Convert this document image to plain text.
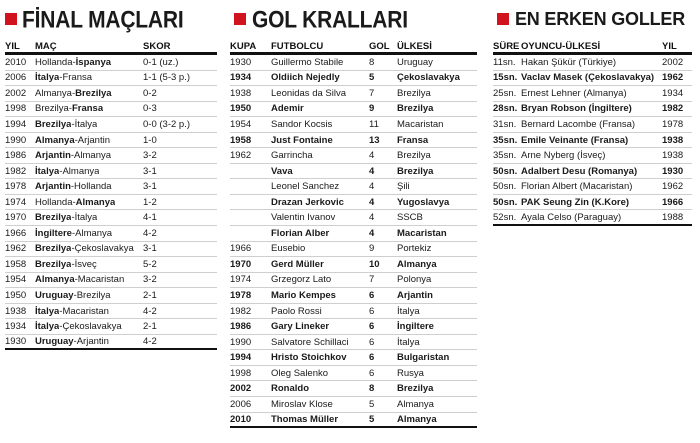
FİNAL MAÇLARI
YIL	MAÇ	SKOR
2010 Hollanda- İspanya	0-1 (uz.)
2006 İtalya -Fransa	1-1 (5-3 p.)
2002 Almanya- Brezilya	0-2
1998 Brezilya- Fransa	0-3
1994 Brezilya -İtalya	0-0 (3-2 p.)
1990 Almanya -Arjantin	1-0
1986 Arjantin -Almanya	3-2
1982 İtalya -Almanya	3-1
1978 Arjantin -Hollanda	3-1
1974 Hollanda- Almanya	1-2
1970 Brezilya -İtalya	4-1
1966 İngiltere -Almanya	4-2
1962 Brezilya -Çekoslavakya 3-1
1958 Brezilya -İsveç	5-2
1954 Almanya -Macaristan 3-2
1950 Uruguay -Brezilya	2-1
1938 İtalya -Macaristan	4-2
1934 İtalya -Çekoslavakya 2-1
1930 Uruguay -Arjantin	4-2
GOL KRALLARI
KUPA	FUTBOLCU	GOL ÜLKESİ
1930	Guillermo Stabile	8	Uruguay
1934	Oldiich Nejedly	5	Çekoslavakya
1938	Leonidas da Silva	7	Brezilya
1950	Ademir	9	Brezilya
1954	Sandor Kocsis	11	Macaristan
1958	Just Fontaine	13	Fransa
1962	Garrincha	4	Brezilya
Vava	4	Brezilya
Leonel Sanchez	4	Şili
Drazan Jerkovic	4	Yugoslavya
Valentin Ivanov	4	SSCB
Florian Alber	4	Macaristan
1966	Eusebio	9	Portekiz
1970	Gerd Müller	10	Almanya
1974	Grzegorz Lato	7	Polonya
1978	Mario Kempes	6	Arjantin
1982	Paolo Rossi	6	İtalya
1986	Gary Lineker	6	İngiltere
1990	Salvatore Schillaci	6	İtalya
1994	Hristo Stoichkov	6	Bulgaristan
1998	Oleg Salenko	6	Rusya
2002	Ronaldo	8	Brezilya
2006	Miroslav Klose	5	Almanya
2010	Thomas Müller	5	Almanya
EN ERKEN GOLLER
SÜRE OYUNCU-ÜLKESİ	YIL
11sn. Hakan Şükür (Türkiye)	2002
15sn. Vaclav Masek (Çekoslavakya) 1962
25sn. Ernest Lehner (Almanya)	1934
28sn. Bryan Robson (İngiltere)	1982
31sn. Bernard Lacombe (Fransa)	1978
35sn. Emile Veinante (Fransa)	1938
35sn. Arne Nyberg (İsveç)	1938
50sn. Adalbert Desu (Romanya)	1930
50sn. Florian Albert (Macaristan)	1962
50sn. PAK Seung Zin (K.Kore)	1966
52sn. Ayala Celso (Paraguay)	1988
